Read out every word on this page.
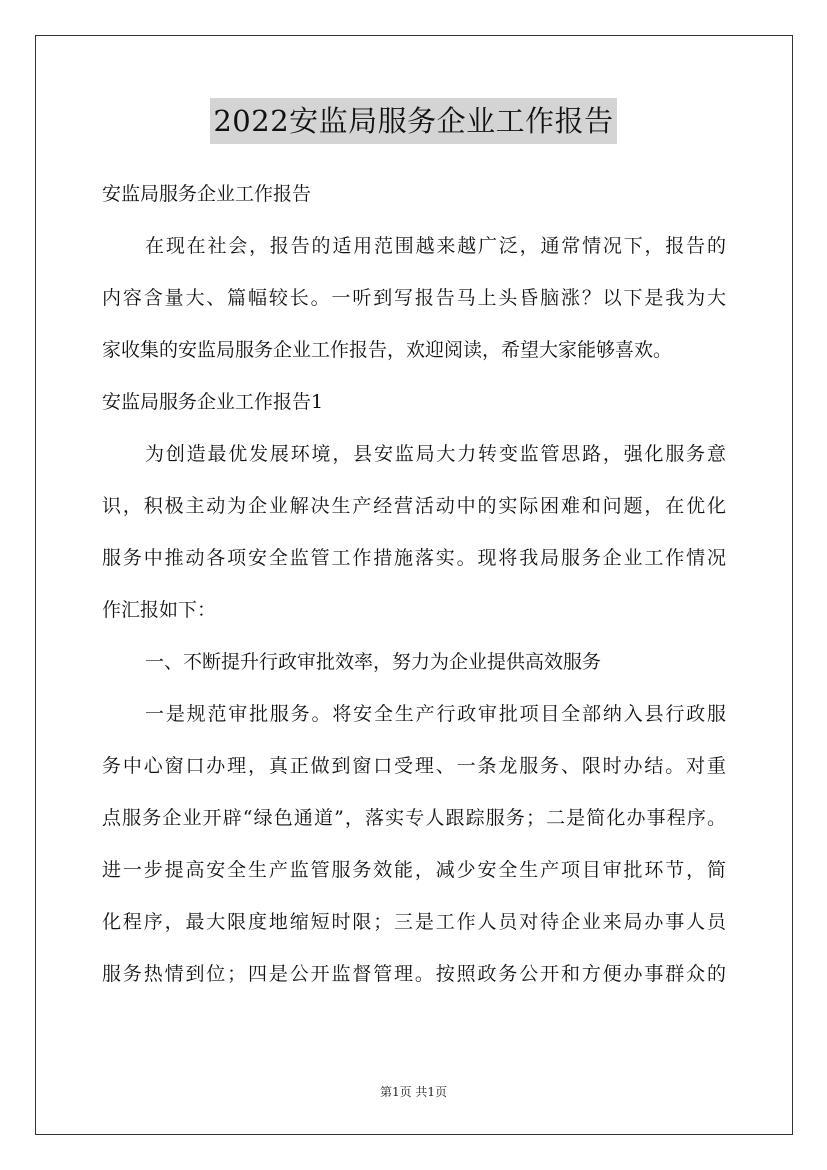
2022安监局服务企业工作报告
安监局服务企业工作报告
在现在社会，报告的适用范围越来越广泛，通常情况下，报告的
内容含量大、篇幅较长。一听到写报告马上头昏脑涨？以下是我为大
家收集的安监局服务企业工作报告，欢迎阅读，希望大家能够喜欢。
安监局服务企业工作报告1
为创造最优发展环境，县安监局大力转变监管思路，强化服务意
识，积极主动为企业解决生产经营活动中的实际困难和问题，在优化
服务中推动各项安全监管工作措施落实。现将我局服务企业工作情况
作汇报如下：
一、不断提升行政审批效率，努力为企业提供高效服务
一是规范审批服务。将安全生产行政审批项目全部纳入县行政服
务中心窗口办理，真正做到窗口受理、一条龙服务、限时办结。对重
点服务企业开辟“绿色通道”，落实专人跟踪服务；二是简化办事程序。
进一步提高安全生产监管服务效能，减少安全生产项目审批环节，简
化程序，最大限度地缩短时限；三是工作人员对待企业来局办事人员
服务热情到位；四是公开监督管理。按照政务公开和方便办事群众的
第1页 共1页
